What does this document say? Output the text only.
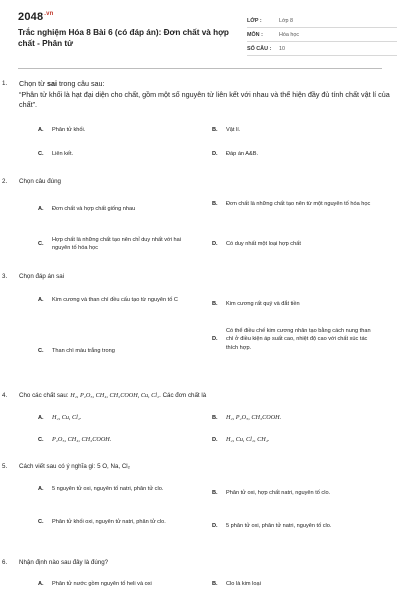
$2048^{.vn}$
Trắc nghiệm Hóa 8 Bài 6 (có đáp án): Đơn chất và hợp chất - Phân tử
LỚP :	Lớp 8
MÔN :	Hóa học
SỐ CÂU :	10
1.	Chọn từ sai trong câu sau:
“Phân tử khối là hạt đại diện cho chất, gồm một số nguyên tử liên kết với nhau và thể hiện đầy đủ tính chất vật lí của chất”.
A.	Phân tử khối.	B.	Vật lí.
C.	Liên kết.	D.	Đáp án A&B.
2.	Chọn câu đúng
A.	Đơn chất và hợp chất giống nhau
B.	Đơn chất là những chất tạo nên từ một nguyên tố hóa học
C.
Hợp chất là những chất tạo nên chỉ duy nhất với hai nguyên tố hóa học
D.	Có duy nhất một loại hợp chất
3.	Chọn đáp án sai
A.	Kim cương và than chì đều cấu tạo từ nguyên tố C
B.	Kim cương rất quý và đắt tiền
C.	Than chì màu trắng trong
D.
Có thể điều chế kim cương nhân tạo bằng cách nung than chì ở điều kiện áp suất cao, nhiệt độ cao với chất xúc tác thích hợp.
4.	Cho các chất sau: H₂, P₂O₅, CH₄, CH₃COOH, Cu, Cl₂. Các đơn chất là
A.	H₂, Cu, Cl₂.	B.	H₂, P₂O₅, CH₃COOH.
C.	P₂O₅, CH₄, CH₃COOH.	D.	H₂, Cu, Cl₂, CH₄.
5.	Cách viết sau có ý nghĩa gì: 5 O, Na, Cl₂
A.	5 nguyên tử oxi, nguyên tố natri, phân tử clo.
B.	Phân tử oxi, hợp chất natri, nguyên tố clo.
C.	Phân tử khối oxi, nguyên tử natri, phân tử clo.
D.	5 phân tử oxi, phân tử natri, nguyên tố clo.
6.	Nhận định nào sau đây là đúng?
A.	Phân tử nước gồm nguyên tố heli và oxi	B.	Clo là kim loại
